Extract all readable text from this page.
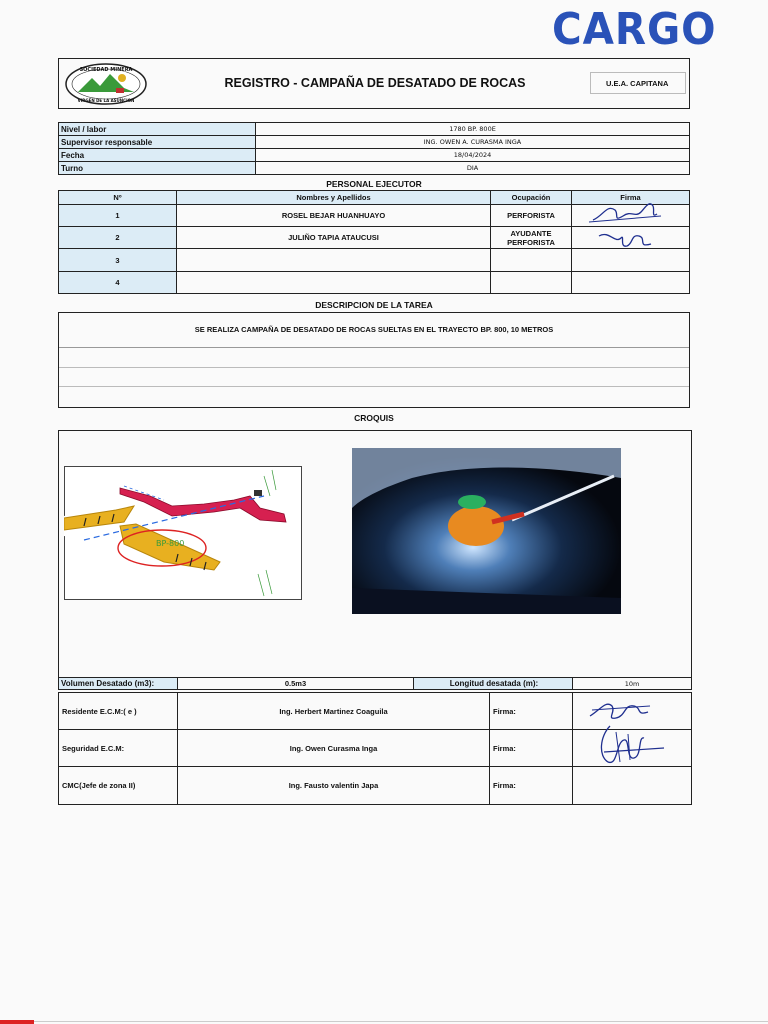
CARGO
SOCIEDAD MINERA
VIRGEN DE LA ASUNCION
REGISTRO - CAMPAÑA DE DESATADO DE ROCAS	U.E.A. CAPITANA
Nivel / labor	1780 BP. 800E
Supervisor responsable	ING. OWEN A. CURASMA INGA
Fecha	18/04/2024
Turno	DIA
PERSONAL EJECUTOR
Nº	Nombres y Apellidos	Ocupación	Firma
1	ROSEL BEJAR HUANHUAYO	PERFORISTA	
2	JULIÑO TAPIA ATAUCUSI	AYUDANTE PERFORISTA	
3			
4			
DESCRIPCION DE LA TAREA
SE REALIZA CAMPAÑA DE DESATADO DE ROCAS SUELTAS EN EL TRAYECTO BP. 800, 10 METROS
CROQUIS
BP-800
Volumen Desatado (m3):	0.5m3	Longitud desatada (m):	10m
Residente E.C.M:( e )	Ing. Herbert Martinez Coaguila	Firma:	
Seguridad E.C.M:	Ing. Owen Curasma Inga	Firma:	
CMC(Jefe de zona II)	Ing. Fausto valentin Japa	Firma:	
